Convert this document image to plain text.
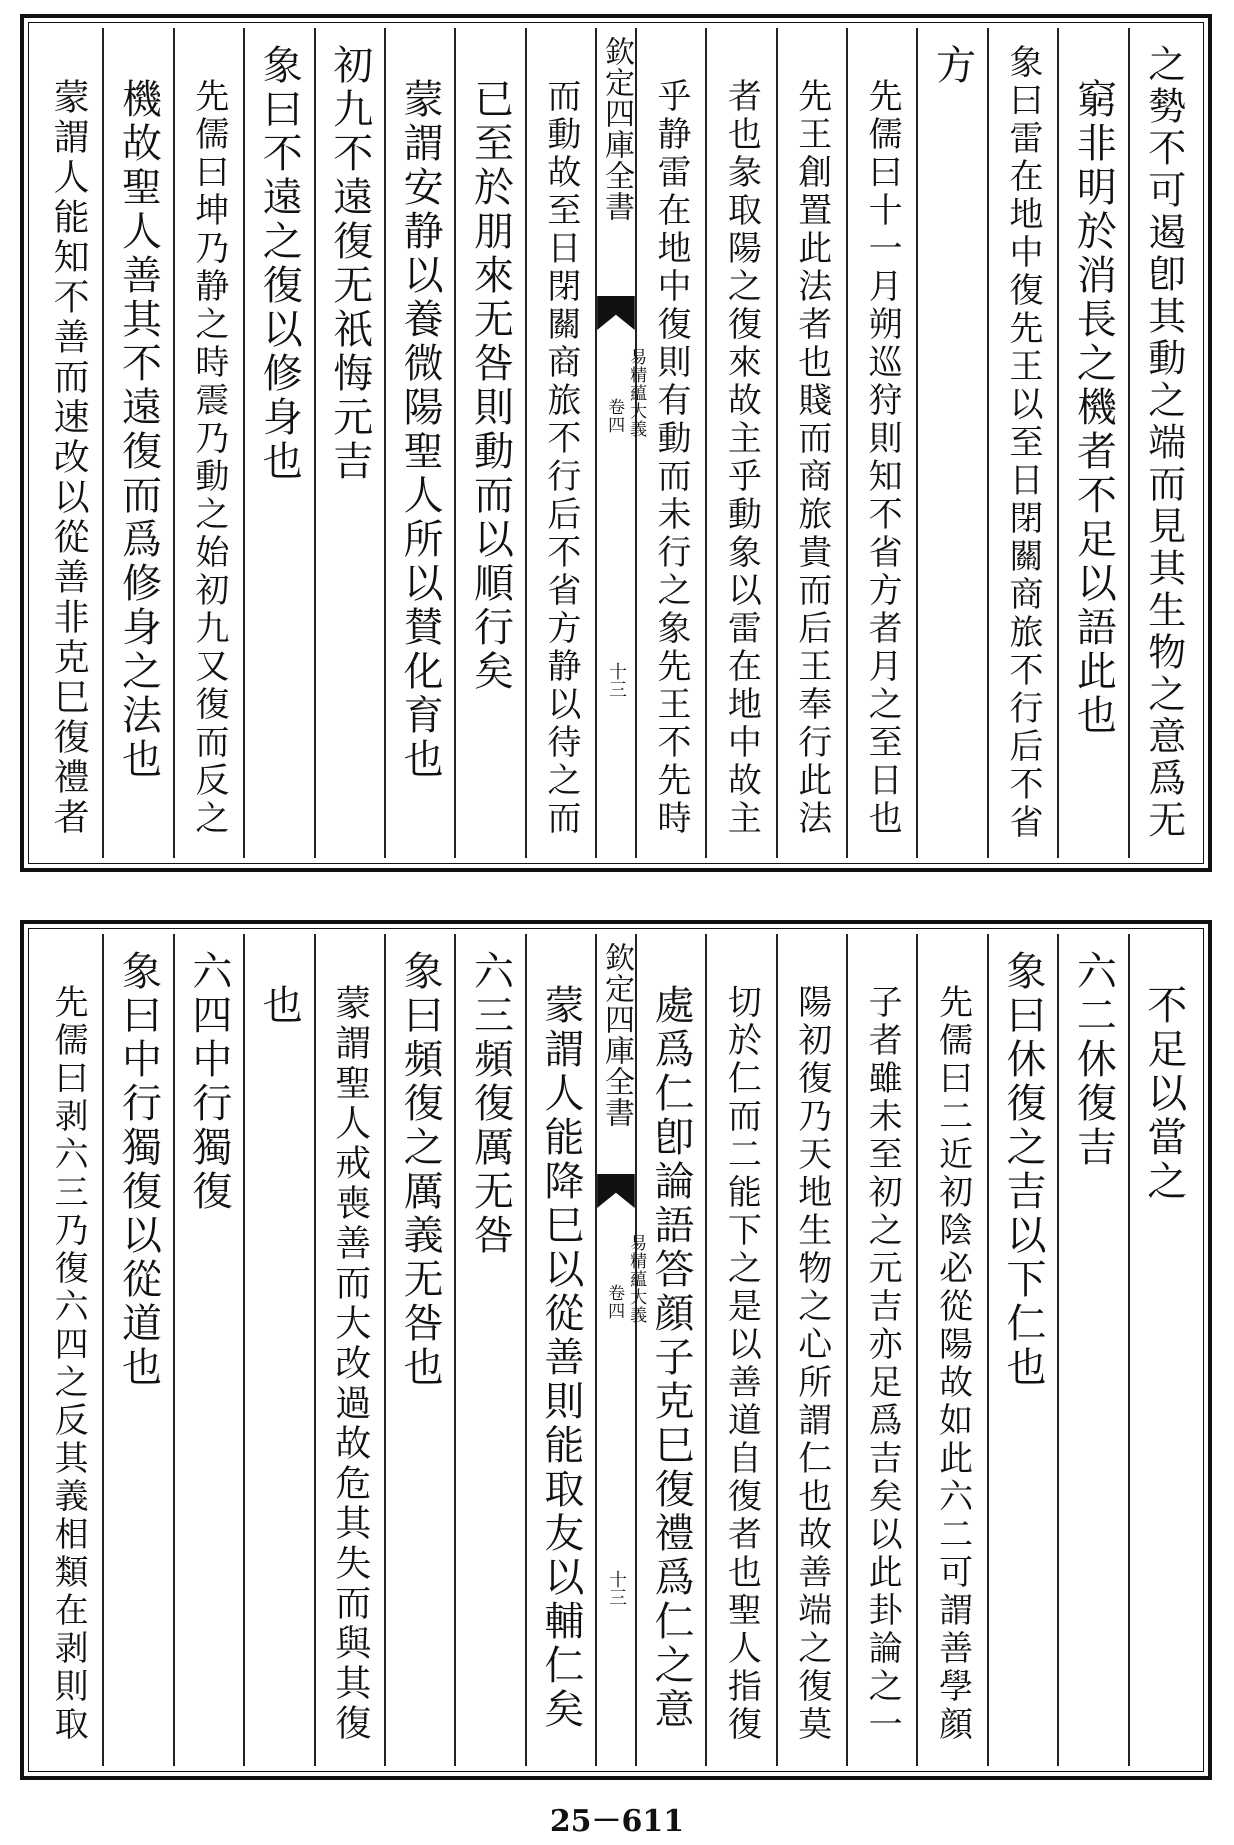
之勢不可遏卽其動之端而見其生物之意爲无
窮非明於消長之機者不足以語此也
象曰雷在地中復先王以至日閉關商旅不行后不省
方
先儒曰十一月朔巡狩則知不省方者月之至日也
先王創置此法者也賤而商旅貴而后王奉行此法
者也彖取陽之復來故主乎動象以雷在地中故主
乎静雷在地中復則有動而未行之象先王不先時
欽定四庫全書
易精藴大義
卷四
十三
而動故至日閉關商旅不行后不省方静以待之而
已至於朋來无咎則動而以順行矣
蒙謂安静以養微陽聖人所以賛化育也
初九不遠復无祇悔元吉
象曰不遠之復以修身也
先儒曰坤乃静之時震乃動之始初九又復而反之
機故聖人善其不遠復而爲修身之法也
蒙謂人能知不善而速改以從善非克巳復禮者
不足以當之
六二休復吉
象曰休復之吉以下仁也
先儒曰二近初陰必從陽故如此六二可謂善學顔
子者雖未至初之元吉亦足爲吉矣以此卦論之一
陽初復乃天地生物之心所謂仁也故善端之復莫
切於仁而二能下之是以善道自復者也聖人指復
處爲仁卽論語答顔子克巳復禮爲仁之意
欽定四庫全書
易精藴大義
卷四
十三
蒙謂人能降巳以從善則能取友以輔仁矣
六三頻復厲无咎
象曰頻復之厲義无咎也
蒙謂聖人戒喪善而大改過故危其失而與其復
也
六四中行獨復
象曰中行獨復以從道也
先儒曰剥六三乃復六四之反其義相類在剥則取
25－611
